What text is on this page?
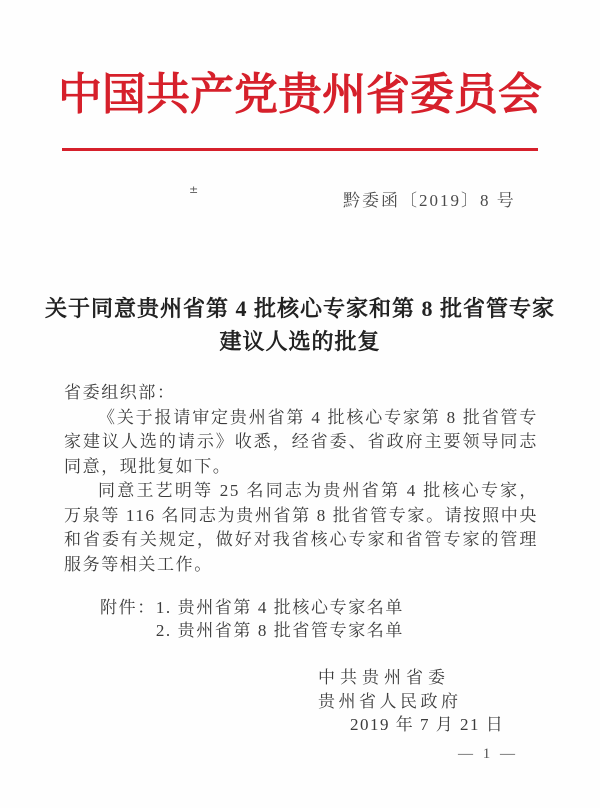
中国共产党贵州省委员会
±
黔委函〔2019〕8 号
关于同意贵州省第 4 批核心专家和第 8 批省管专家
建议人选的批复

省委组织部：

《关于报请审定贵州省第 4 批核心专家第 8 批省管专家建议人选的请示》收悉，经省委、省政府主要领导同志同意，现批复如下。

同意王艺明等 25 名同志为贵州省第 4 批核心专家，万泉等 116 名同志为贵州省第 8 批省管专家。请按照中央和省委有关规定，做好对我省核心专家和省管专家的管理服务等相关工作。

附件： 1. 贵州省第 4 批核心专家名单
2. 贵州省第 8 批省管专家名单
中共贵州省委
贵州省人民政府
2019 年 7 月 21 日
— 1 —
